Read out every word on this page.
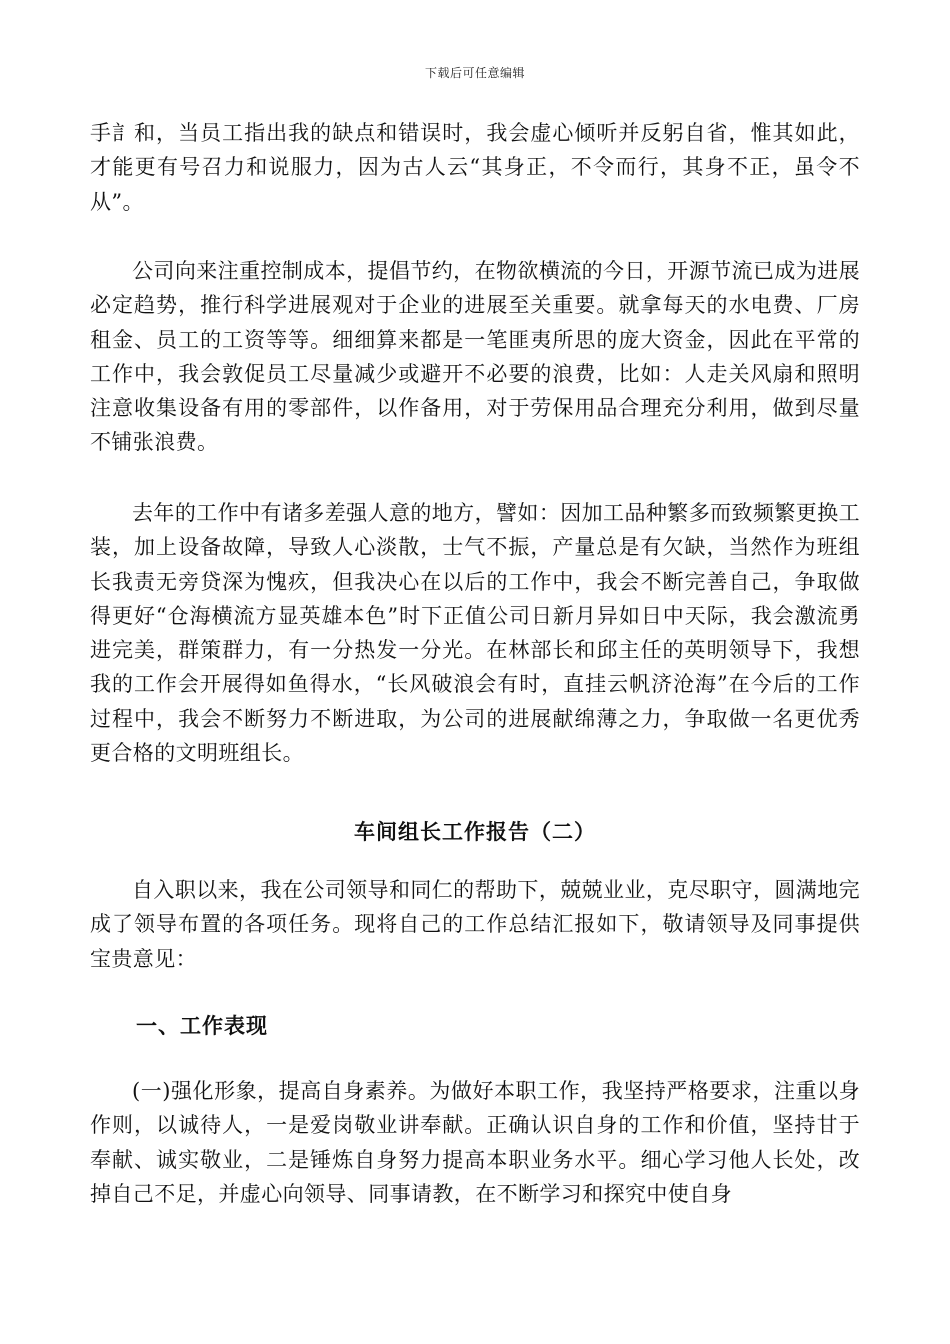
下载后可任意编辑
手訁和，当员工指出我的缺点和错误时，我会虚心倾听并反躬自省，惟其如此，才能更有号召力和说服力，因为古人云“其身正，不令而行，其身不正，虽令不从”。
公司向来注重控制成本，提倡节约，在物欲横流的今日，开源节流已成为进展必定趋势，推行科学进展观对于企业的进展至关重要。就拿每天的水电费、厂房租金、员工的工资等等。细细算来都是一笔匪夷所思的庞大资金，因此在平常的工作中，我会敦促员工尽量减少或避开不必要的浪费，比如：人走关风扇和照明注意收集设备有用的零部件，以作备用，对于劳保用品合理充分利用，做到尽量不铺张浪费。
去年的工作中有诸多差强人意的地方，譬如：因加工品种繁多而致频繁更换工装，加上设备故障，导致人心淡散，士气不振，产量总是有欠缺，当然作为班组长我责无旁贷深为愧疚，但我决心在以后的工作中，我会不断完善自己，争取做得更好“仓海横流方显英雄本色”时下正值公司日新月异如日中天际，我会激流勇进完美，群策群力，有一分热发一分光。在林部长和邱主任的英明领导下，我想我的工作会开展得如鱼得水，“长风破浪会有时，直挂云帆济沧海”在今后的工作过程中，我会不断努力不断进取，为公司的进展献绵薄之力，争取做一名更优秀更合格的文明班组长。
车间组长工作报告（二）
自入职以来，我在公司领导和同仁的帮助下，兢兢业业，克尽职守，圆满地完成了领导布置的各项任务。现将自己的工作总结汇报如下，敬请领导及同事提供宝贵意见：
一、工作表现
(一)强化形象，提高自身素养。为做好本职工作，我坚持严格要求，注重以身作则，以诚待人，一是爱岗敬业讲奉献。正确认识自身的工作和价值，坚持甘于奉献、诚实敬业，二是锤炼自身努力提高本职业务水平。细心学习他人长处，改掉自己不足，并虚心向领导、同事请教，在不断学习和探究中使自身
